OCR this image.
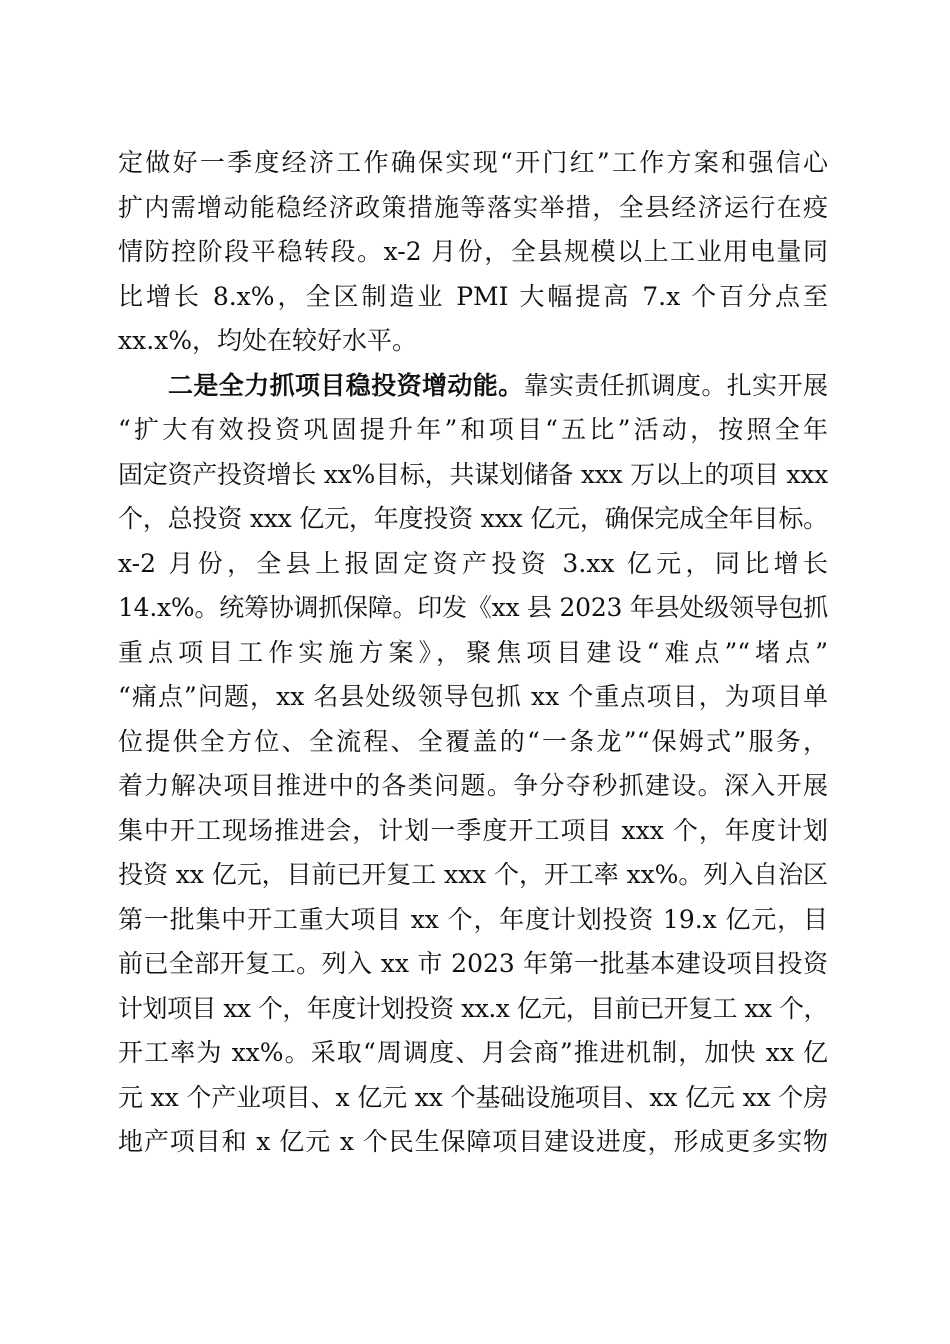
定做好一季度经济工作确保实现“开门红”工作方案和强信心
扩内需增动能稳经济政策措施等落实举措，全县经济运行在疫
情防控阶段平稳转段。x-2 月份，全县规模以上工业用电量同
比增长 8.x%，全区制造业 PMI 大幅提高 7.x 个百分点至
xx.x%，均处在较好水平。
二是全力抓项目稳投资增动能。靠实责任抓调度。扎实开展
“扩大有效投资巩固提升年”和项目“五比”活动，按照全年
固定资产投资增长 xx%目标，共谋划储备 xxx 万以上的项目 xxx
个，总投资 xxx 亿元，年度投资 xxx 亿元，确保完成全年目标。
x-2 月份，全县上报固定资产投资 3.xx 亿元，同比增长
14.x%。统筹协调抓保障。印发《xx 县 2023 年县处级领导包抓
重点项目工作实施方案》，聚焦项目建设“难点”“堵点”
“痛点”问题，xx 名县处级领导包抓 xx 个重点项目，为项目单
位提供全方位、全流程、全覆盖的“一条龙”“保姆式”服务，
着力解决项目推进中的各类问题。争分夺秒抓建设。深入开展
集中开工现场推进会，计划一季度开工项目 xxx 个，年度计划
投资 xx 亿元，目前已开复工 xxx 个，开工率 xx%。列入自治区
第一批集中开工重大项目 xx 个，年度计划投资 19.x 亿元，目
前已全部开复工。列入 xx 市 2023 年第一批基本建设项目投资
计划项目 xx 个，年度计划投资 xx.x 亿元，目前已开复工 xx 个，
开工率为 xx%。采取“周调度、月会商”推进机制，加快 xx 亿
元 xx 个产业项目、x 亿元 xx 个基础设施项目、xx 亿元 xx 个房
地产项目和 x 亿元 x 个民生保障项目建设进度，形成更多实物
